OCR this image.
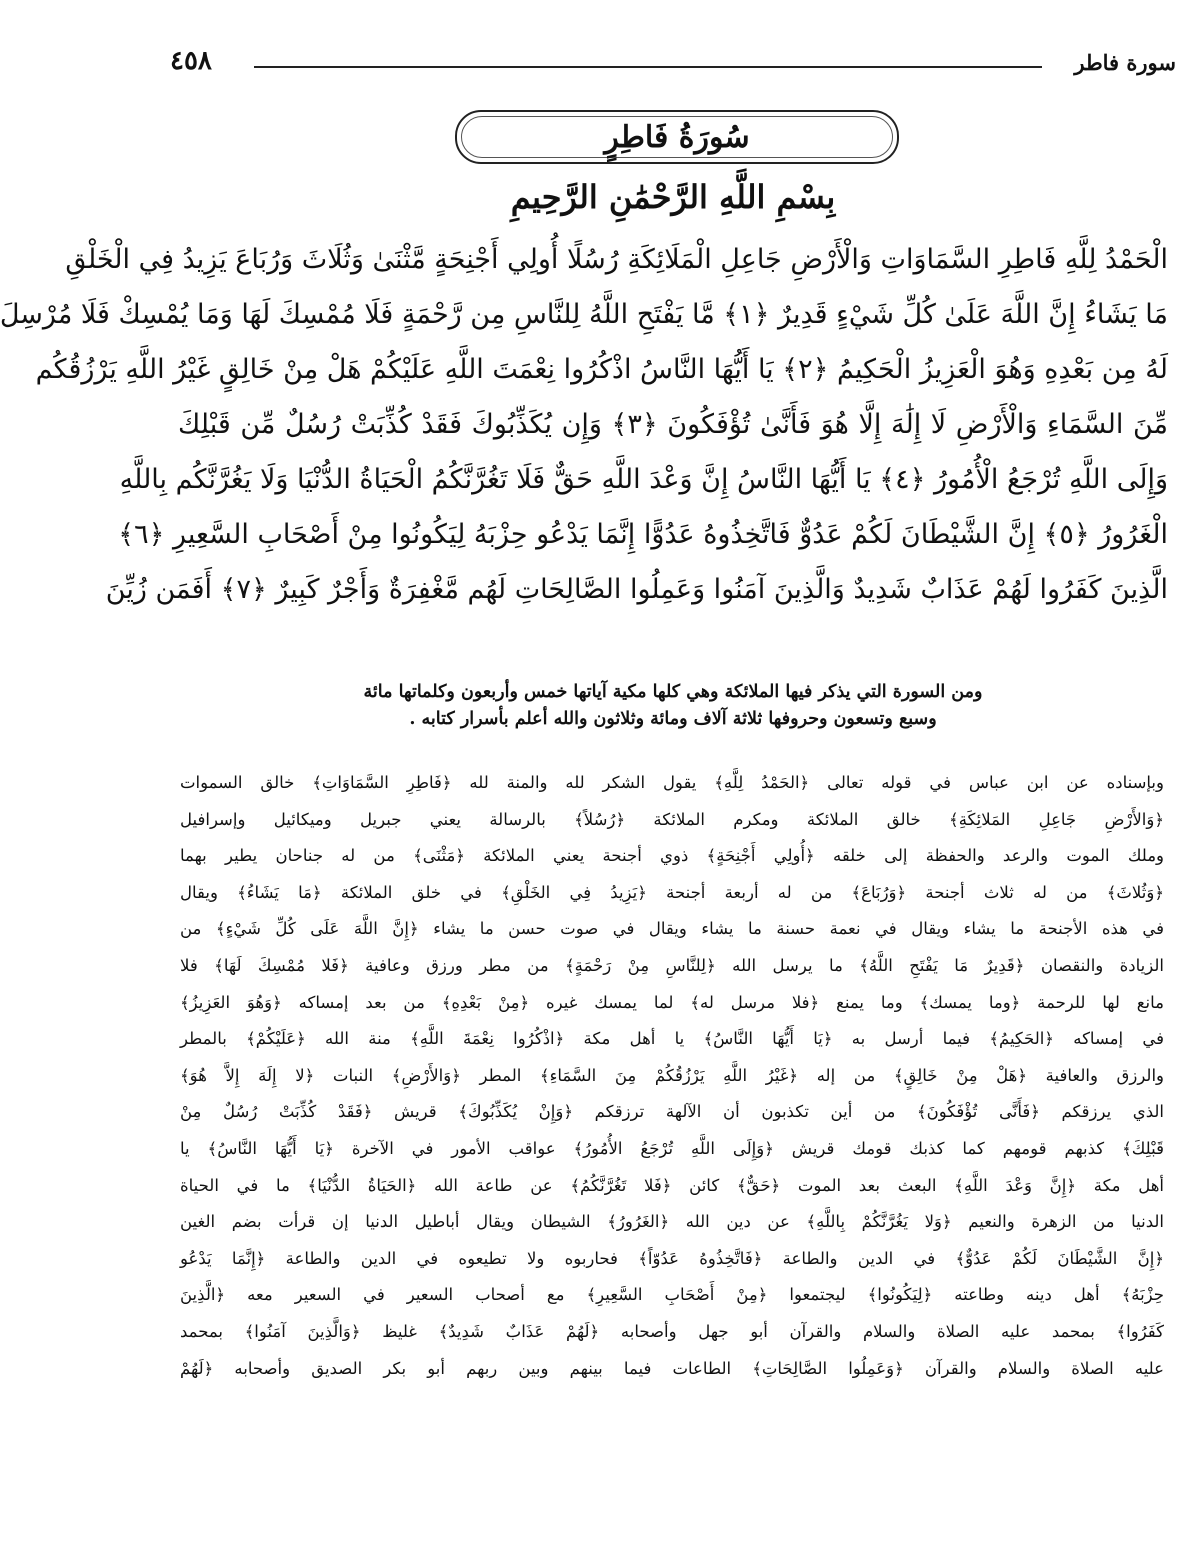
سورة فاطر
٤٥٨
سُورَةُ فَاطِرٍ
بِسْمِ اللَّهِ الرَّحْمَٰنِ الرَّحِيمِ
الْحَمْدُ لِلَّهِ فَاطِرِ السَّمَاوَاتِ وَالْأَرْضِ جَاعِلِ الْمَلَائِكَةِ رُسُلًا أُولِي أَجْنِحَةٍ مَّثْنَىٰ وَثُلَاثَ وَرُبَاعَ يَزِيدُ فِي الْخَلْقِ
مَا يَشَاءُ إِنَّ اللَّهَ عَلَىٰ كُلِّ شَيْءٍ قَدِيرٌ ﴿١﴾ مَّا يَفْتَحِ اللَّهُ لِلنَّاسِ مِن رَّحْمَةٍ فَلَا مُمْسِكَ لَهَا وَمَا يُمْسِكْ فَلَا مُرْسِلَ
لَهُ مِن بَعْدِهِ وَهُوَ الْعَزِيزُ الْحَكِيمُ ﴿٢﴾ يَا أَيُّهَا النَّاسُ اذْكُرُوا نِعْمَتَ اللَّهِ عَلَيْكُمْ هَلْ مِنْ خَالِقٍ غَيْرُ اللَّهِ يَرْزُقُكُم
مِّنَ السَّمَاءِ وَالْأَرْضِ لَا إِلَٰهَ إِلَّا هُوَ فَأَنَّىٰ تُؤْفَكُونَ ﴿٣﴾ وَإِن يُكَذِّبُوكَ فَقَدْ كُذِّبَتْ رُسُلٌ مِّن قَبْلِكَ
وَإِلَى اللَّهِ تُرْجَعُ الْأُمُورُ ﴿٤﴾ يَا أَيُّهَا النَّاسُ إِنَّ وَعْدَ اللَّهِ حَقٌّ فَلَا تَغُرَّنَّكُمُ الْحَيَاةُ الدُّنْيَا وَلَا يَغُرَّنَّكُم بِاللَّهِ
الْغَرُورُ ﴿٥﴾ إِنَّ الشَّيْطَانَ لَكُمْ عَدُوٌّ فَاتَّخِذُوهُ عَدُوًّا إِنَّمَا يَدْعُو حِزْبَهُ لِيَكُونُوا مِنْ أَصْحَابِ السَّعِيرِ ﴿٦﴾
الَّذِينَ كَفَرُوا لَهُمْ عَذَابٌ شَدِيدٌ وَالَّذِينَ آمَنُوا وَعَمِلُوا الصَّالِحَاتِ لَهُم مَّغْفِرَةٌ وَأَجْرٌ كَبِيرٌ ﴿٧﴾ أَفَمَن زُيِّنَ

ومن السورة التي يذكر فيها الملائكة وهي كلها مكية آياتها خمس وأربعون وكلماتها مائة

وسبع وتسعون وحروفها ثلاثة آلاف ومائة وثلاثون والله أعلم بأسرار كتابه .

وبإسناده عن ابن عباس في قوله تعالى ﴿الحَمْدُ لِلَّهِ﴾ يقول الشكر لله والمنة لله ﴿فَاطِرِ السَّمَاوَاتِ﴾ خالق السموات
﴿وَالأَرْضِ جَاعِلِ المَلائِكَةِ﴾ خالق الملائكة ومكرم الملائكة ﴿رُسُلاً﴾ بالرسالة يعني جبريل وميكائيل وإسرافيل
وملك الموت والرعد والحفظة إلى خلقه ﴿أُولِي أَجْنِحَةٍ﴾ ذوي أجنحة يعني الملائكة ﴿مَثْنَى﴾ من له جناحان يطير بهما
﴿وَثُلاثَ﴾ من له ثلاث أجنحة ﴿وَرُبَاعَ﴾ من له أربعة أجنحة ﴿يَزِيدُ فِي الخَلْقِ﴾ في خلق الملائكة ﴿مَا يَشَاءُ﴾ ويقال
في هذه الأجنحة ما يشاء ويقال في نعمة حسنة ما يشاء ويقال في صوت حسن ما يشاء ﴿إِنَّ اللَّهَ عَلَى كُلِّ شَيْءٍ﴾ من
الزيادة والنقصان ﴿قَدِيرٌ مَا يَفْتَحِ اللَّهُ﴾ ما يرسل الله ﴿لِلنَّاسِ مِنْ رَحْمَةٍ﴾ من مطر ورزق وعافية ﴿فَلا مُمْسِكَ لَهَا﴾ فلا
مانع لها للرحمة ﴿وما يمسك﴾ وما يمنع ﴿فلا مرسل له﴾ لما يمسك غيره ﴿مِنْ بَعْدِهِ﴾ من بعد إمساكه ﴿وَهُوَ العَزِيزُ﴾
في إمساكه ﴿الحَكِيمُ﴾ فيما أرسل به ﴿يَا أَيُّهَا النَّاسُ﴾ يا أهل مكة ﴿اذْكُرُوا نِعْمَةَ اللَّهِ﴾ منة الله ﴿عَلَيْكُمْ﴾ بالمطر
والرزق والعافية ﴿هَلْ مِنْ خَالِقٍ﴾ من إله ﴿غَيْرُ اللَّهِ يَرْزُقُكُمْ مِنَ السَّمَاءِ﴾ المطر ﴿وَالأَرْضِ﴾ النبات ﴿لا إِلَهَ إِلاَّ هُوَ﴾
الذي يرزقكم ﴿فَأَنَّى تُؤْفَكُونَ﴾ من أين تكذبون أن الآلهة ترزقكم ﴿وَإِنْ يُكَذِّبُوكَ﴾ قريش ﴿فَقَدْ كُذِّبَتْ رُسُلٌ مِنْ
قَبْلِكَ﴾ كذبهم قومهم كما كذبك قومك قريش ﴿وَإِلَى اللَّهِ تُرْجَعُ الأُمُورُ﴾ عواقب الأمور في الآخرة ﴿يَا أَيُّهَا النَّاسُ﴾ يا
أهل مكة ﴿إِنَّ وَعْدَ اللَّهِ﴾ البعث بعد الموت ﴿حَقٌّ﴾ كائن ﴿فَلا تَغُرَّنَّكُمُ﴾ عن طاعة الله ﴿الحَيَاةُ الدُّنْيَا﴾ ما في الحياة
الدنيا من الزهرة والنعيم ﴿وَلا يَغُرَّنَّكُمْ بِاللَّهِ﴾ عن دين الله ﴿الغَرُورُ﴾ الشيطان ويقال أباطيل الدنيا إن قرأت بضم الغين
﴿إِنَّ الشَّيْطَانَ لَكُمْ عَدُوٌّ﴾ في الدين والطاعة ﴿فَاتَّخِذُوهُ عَدُوّاً﴾ فحاربوه ولا تطيعوه في الدين والطاعة ﴿إِنَّمَا يَدْعُو
حِزْبَهُ﴾ أهل دينه وطاعته ﴿لِيَكُونُوا﴾ ليجتمعوا ﴿مِنْ أَصْحَابِ السَّعِيرِ﴾ مع أصحاب السعير في السعير معه ﴿الَّذِينَ
كَفَرُوا﴾ بمحمد عليه الصلاة والسلام والقرآن أبو جهل وأصحابه ﴿لَهُمْ عَذَابٌ شَدِيدٌ﴾ غليظ ﴿وَالَّذِينَ آمَنُوا﴾ بمحمد
عليه الصلاة والسلام والقرآن ﴿وَعَمِلُوا الصَّالِحَاتِ﴾ الطاعات فيما بينهم وبين ربهم أبو بكر الصديق وأصحابه ﴿لَهُمْ
